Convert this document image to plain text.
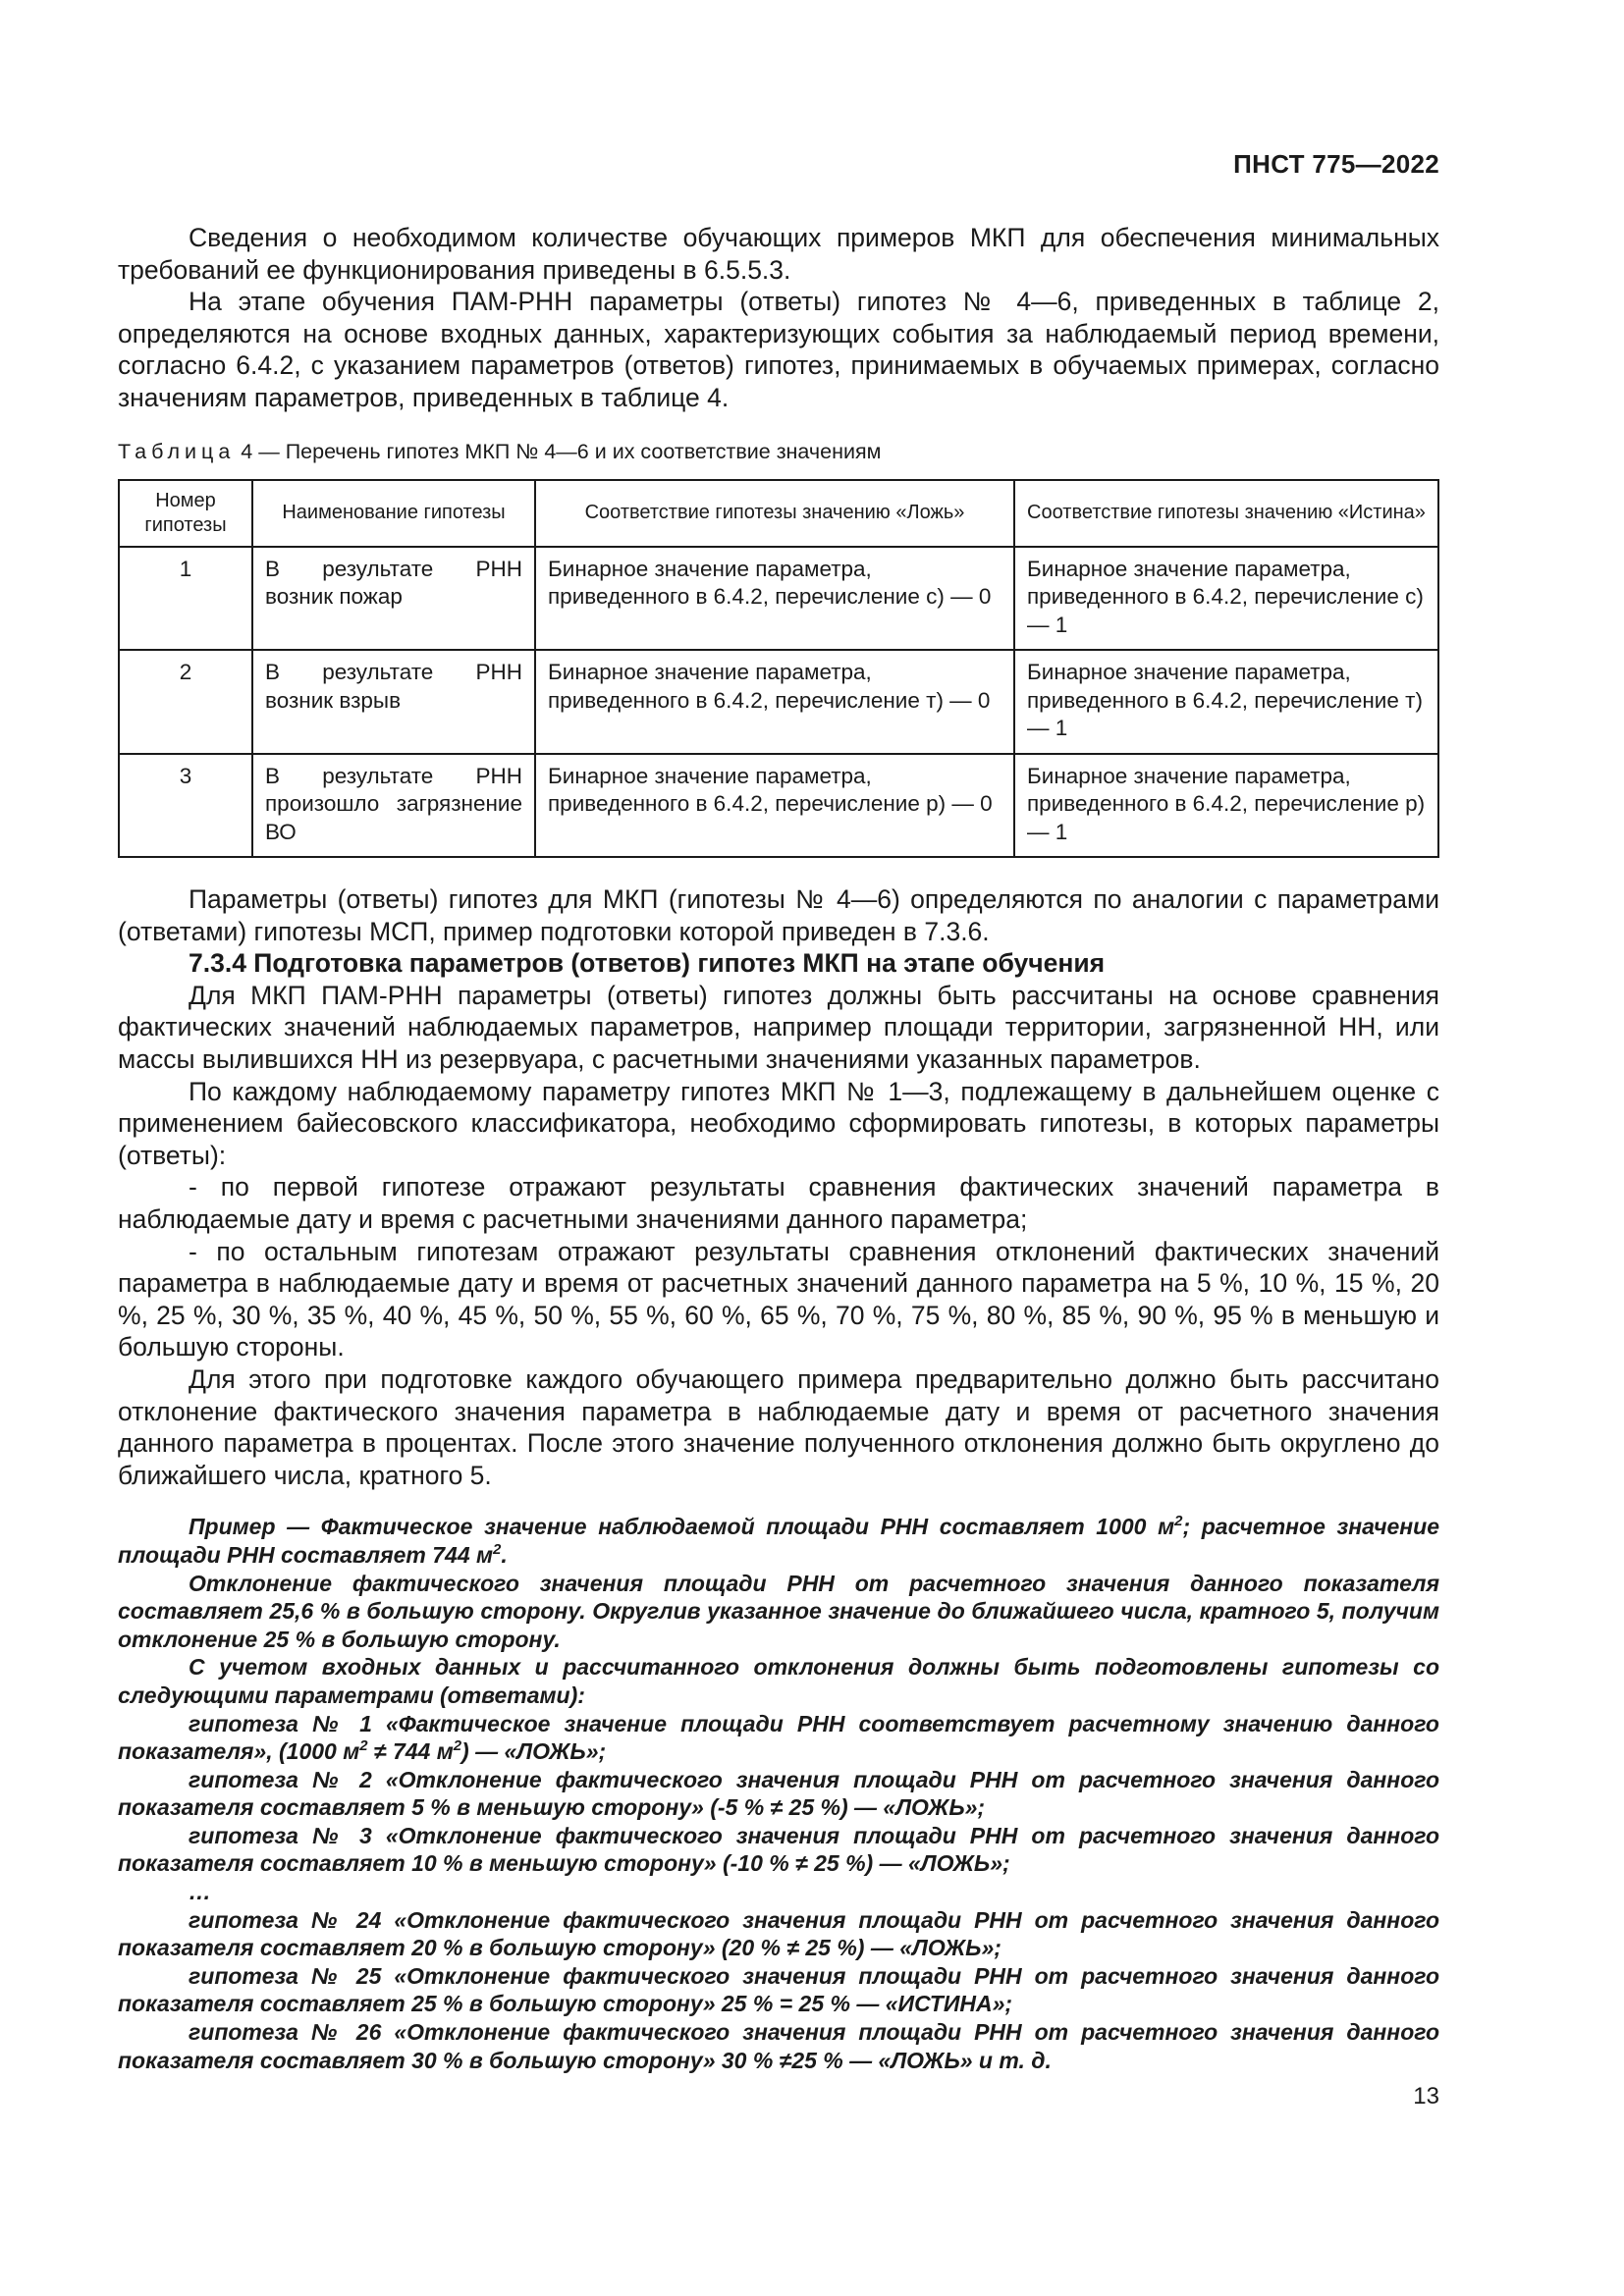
ПНСТ 775—2022

Сведения о необходимом количестве обучающих примеров МКП для обеспечения минимальных требований ее функционирования приведены в 6.5.5.3.

На этапе обучения ПАМ-РНН параметры (ответы) гипотез № 4—6, приведенных в таблице 2, определяются на основе входных данных, характеризующих события за наблюдаемый период времени, согласно 6.4.2, с указанием параметров (ответов) гипотез, принимаемых в обучаемых примерах, согласно значениям параметров, приведенных в таблице 4.

Таблица 4 — Перечень гипотез МКП № 4—6 и их соответствие значениям

Номер гипотезы	Наименование гипотезы	Соответствие гипотезы значению «Ложь»	Соответствие гипотезы значению «Истина»
1	В результате РНН возник пожар	Бинарное значение параметра, приведенного в 6.4.2, перечисление с) — 0	Бинарное значение параметра, приведенного в 6.4.2, перечисление с) — 1
2	В результате РНН возник взрыв	Бинарное значение параметра, приведенного в 6.4.2, перечисление т) — 0	Бинарное значение параметра, приведенного в 6.4.2, перечисление т) — 1
3	В результате РНН произошло загрязнение ВО	Бинарное значение параметра, приведенного в 6.4.2, перечисление р) — 0	Бинарное значение параметра, приведенного в 6.4.2, перечисление р) — 1

Параметры (ответы) гипотез для МКП (гипотезы № 4—6) определяются по аналогии с параметрами (ответами) гипотезы МСП, пример подготовки которой приведен в 7.3.6.

7.3.4 Подготовка параметров (ответов) гипотез МКП на этапе обучения

Для МКП ПАМ-РНН параметры (ответы) гипотез должны быть рассчитаны на основе сравнения фактических значений наблюдаемых параметров, например площади территории, загрязненной НН, или массы вылившихся НН из резервуара, с расчетными значениями указанных параметров.

По каждому наблюдаемому параметру гипотез МКП № 1—3, подлежащему в дальнейшем оценке с применением байесовского классификатора, необходимо сформировать гипотезы, в которых параметры (ответы):

- по первой гипотезе отражают результаты сравнения фактических значений параметра в наблюдаемые дату и время с расчетными значениями данного параметра;

- по остальным гипотезам отражают результаты сравнения отклонений фактических значений параметра в наблюдаемые дату и время от расчетных значений данного параметра на 5 %, 10 %, 15 %, 20 %, 25 %, 30 %, 35 %, 40 %, 45 %, 50 %, 55 %, 60 %, 65 %, 70 %, 75 %, 80 %, 85 %, 90 %, 95 % в меньшую и большую стороны.

Для этого при подготовке каждого обучающего примера предварительно должно быть рассчитано отклонение фактического значения параметра в наблюдаемые дату и время от расчетного значения данного параметра в процентах. После этого значение полученного отклонения должно быть округлено до ближайшего числа, кратного 5.

Пример — Фактическое значение наблюдаемой площади РНН составляет 1000 $м^2$; расчетное значение площади РНН составляет 744 $м^2$.

Отклонение фактического значения площади РНН от расчетного значения данного показателя составляет 25,6 % в большую сторону. Округлив указанное значение до ближайшего числа, кратного 5, получим отклонение 25 % в большую сторону.

С учетом входных данных и рассчитанного отклонения должны быть подготовлены гипотезы со следующими параметрами (ответами):

гипотеза № 1 «Фактическое значение площади РНН соответствует расчетному значению данного показателя», (1000 $м^2 \ne 744$ $м^2$) — «ЛОЖЬ»;

гипотеза № 2 «Отклонение фактического значения площади РНН от расчетного значения данного показателя составляет 5 % в меньшую сторону» (-5 % ≠ 25 %) — «ЛОЖЬ»;

гипотеза № 3 «Отклонение фактического значения площади РНН от расчетного значения данного показателя составляет 10 % в меньшую сторону» (-10 % ≠ 25 %) — «ЛОЖЬ»;

…

гипотеза № 24 «Отклонение фактического значения площади РНН от расчетного значения данного показателя составляет 20 % в большую сторону» (20 % ≠ 25 %) — «ЛОЖЬ»;

гипотеза № 25 «Отклонение фактического значения площади РНН от расчетного значения данного показателя составляет 25 % в большую сторону» 25 % = 25 % — «ИСТИНА»;

гипотеза № 26 «Отклонение фактического значения площади РНН от расчетного значения данного показателя составляет 30 % в большую сторону» 30 % ≠25 % — «ЛОЖЬ» и т. д.

13
